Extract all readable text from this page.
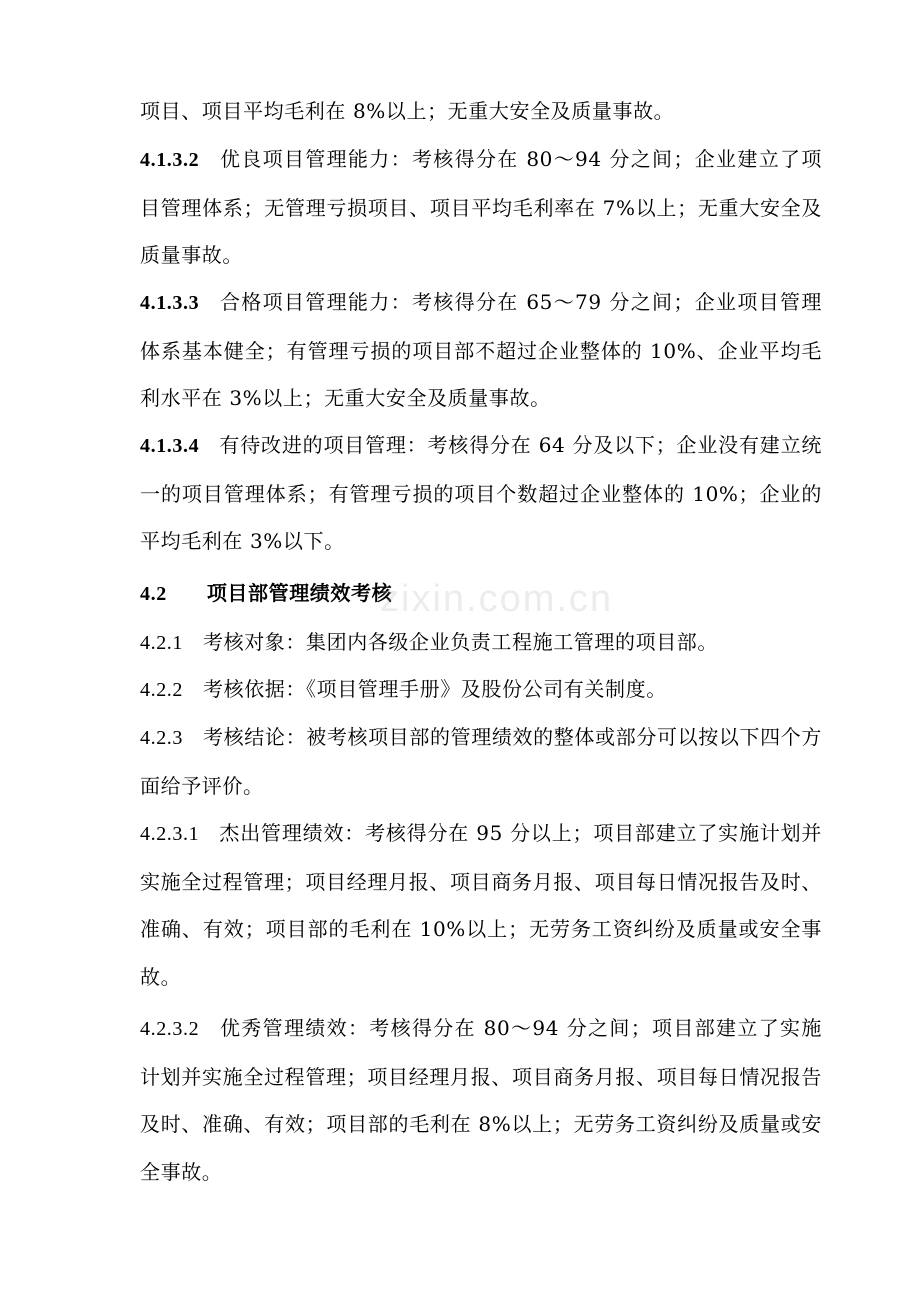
项目、项目平均毛利在 8%以上；无重大安全及质量事故。
4.1.3.2 优良项目管理能力：考核得分在 80～94 分之间；企业建立了项目管理体系；无管理亏损项目、项目平均毛利率在 7%以上；无重大安全及质量事故。
4.1.3.3 合格项目管理能力：考核得分在 65～79 分之间；企业项目管理体系基本健全；有管理亏损的项目部不超过企业整体的 10%、企业平均毛利水平在 3%以上；无重大安全及质量事故。
4.1.3.4 有待改进的项目管理：考核得分在 64 分及以下；企业没有建立统一的项目管理体系；有管理亏损的项目个数超过企业整体的 10%；企业的平均毛利在 3%以下。
4.2 项目部管理绩效考核
4.2.1 考核对象：集团内各级企业负责工程施工管理的项目部。
4.2.2 考核依据：《项目管理手册》及股份公司有关制度。
4.2.3 考核结论：被考核项目部的管理绩效的整体或部分可以按以下四个方面给予评价。
4.2.3.1 杰出管理绩效：考核得分在 95 分以上；项目部建立了实施计划并实施全过程管理；项目经理月报、项目商务月报、项目每日情况报告及时、准确、有效；项目部的毛利在 10%以上；无劳务工资纠纷及质量或安全事故。
4.2.3.2 优秀管理绩效：考核得分在 80～94 分之间；项目部建立了实施计划并实施全过程管理；项目经理月报、项目商务月报、项目每日情况报告及时、准确、有效；项目部的毛利在 8%以上；无劳务工资纠纷及质量或安全事故。
zixin.com.cn
